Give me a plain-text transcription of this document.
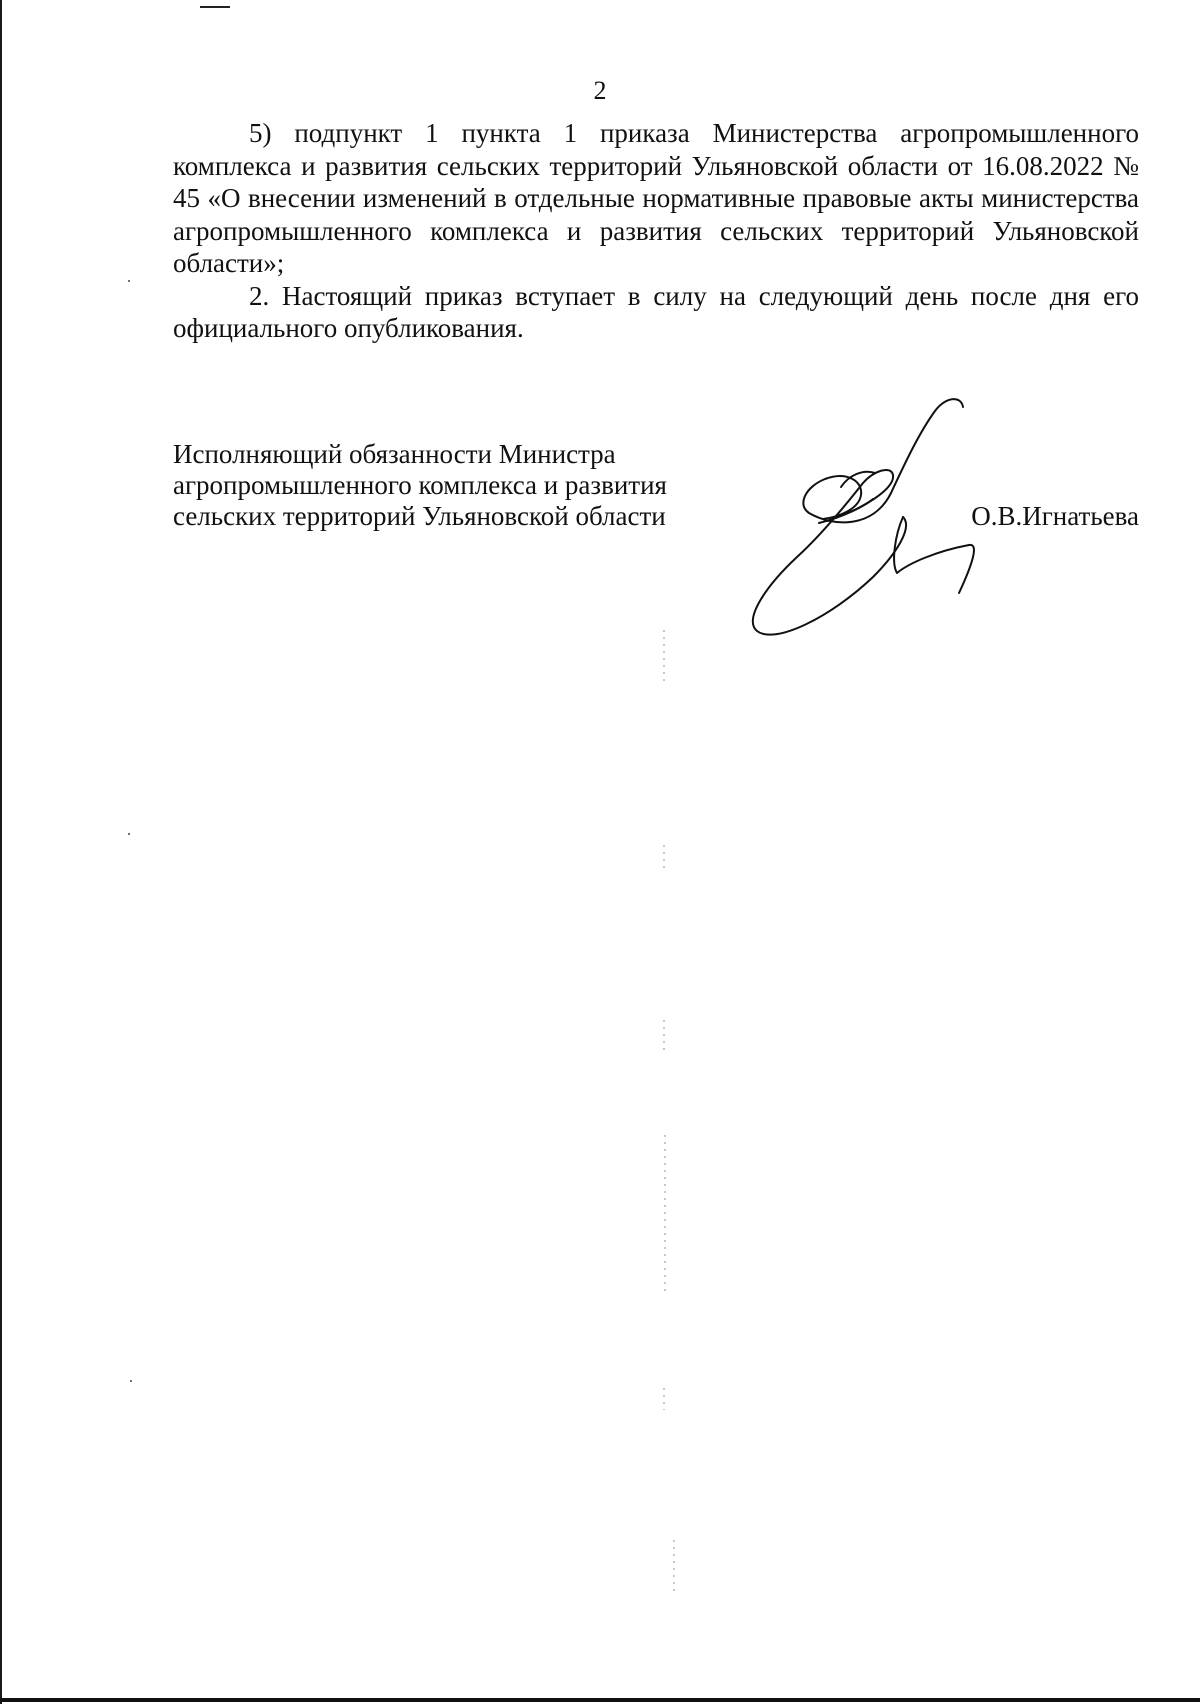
2

5) подпункт 1 пункта 1 приказа Министерства агропромышленного комплекса и развития сельских территорий Ульяновской области от 16.08.2022 № 45 «О внесении изменений в отдельные нормативные правовые акты министерства агропромышленного комплекса и развития сельских территорий Ульяновской области»;

2. Настоящий приказ вступает в силу на следующий день после дня его официального опубликования.

Исполняющий обязанности Министра
агропромышленного комплекса и развития
сельских территорий Ульяновской области	О.В.Игнатьева
